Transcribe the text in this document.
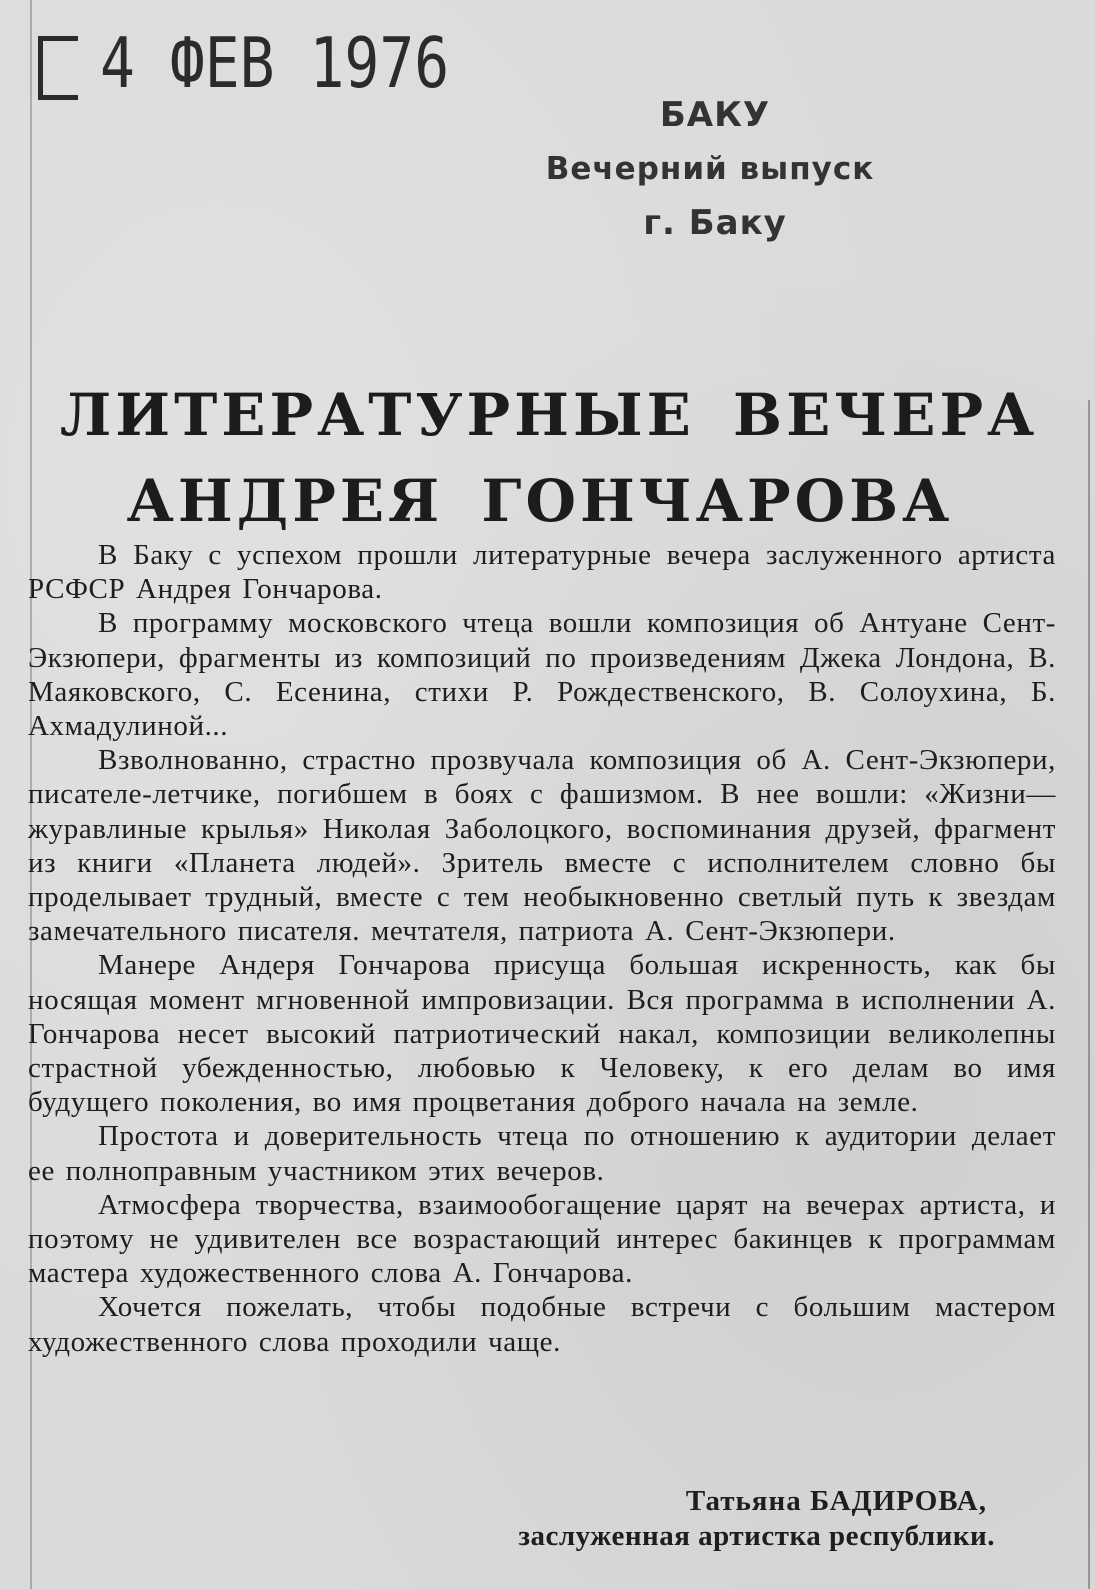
4 ФЕВ 1976
БАКУ
Вечерний выпуск
г. Баку
ЛИТЕРАТУРНЫЕ ВЕЧЕРА
АНДРЕЯ ГОНЧАРОВА

В Баку с успехом прошли литературные вечера заслуженного артиста РСФСР Андрея Гончарова.

В программу московского чтеца вошли композиция об Антуане Сент-Экзюпери, фрагменты из композиций по произведениям Джека Лондона, В. Маяковского, С. Есенина, стихи Р. Рождественского, В. Солоухина, Б. Ахмадулиной...

Взволнованно, страстно прозвучала композиция об А. Сент-Экзюпери, писателе-летчике, погибшем в боях с фашизмом. В нее вошли: «Жизни—журавлиные крылья» Николая Заболоцкого, воспоминания друзей, фрагмент из книги «Планета людей». Зритель вместе с исполнителем словно бы проделывает трудный, вместе с тем необыкновенно светлый путь к звездам замечательного писателя. мечтателя, патриота А. Сент-Экзюпери.

Манере Андеря Гончарова присуща большая искренность, как бы носящая момент мгновенной импровизации. Вся программа в исполнении А. Гончарова несет высокий патриотический накал, композиции великолепны страстной убежденностью, любовью к Человеку, к его делам во имя будущего поколения, во имя процветания доброго начала на земле.

Простота и доверительность чтеца по отношению к аудитории делает ее полноправным участником этих вечеров.

Атмосфера творчества, взаимообогащение царят на вечерах артиста, и поэтому не удивителен все возрастающий интерес бакинцев к программам мастера художественного слова А. Гончарова.

Хочется пожелать, чтобы подобные встречи с большим мастером художественного слова проходили чаще.

Татьяна БАДИРОВА,
заслуженная артистка республики.
